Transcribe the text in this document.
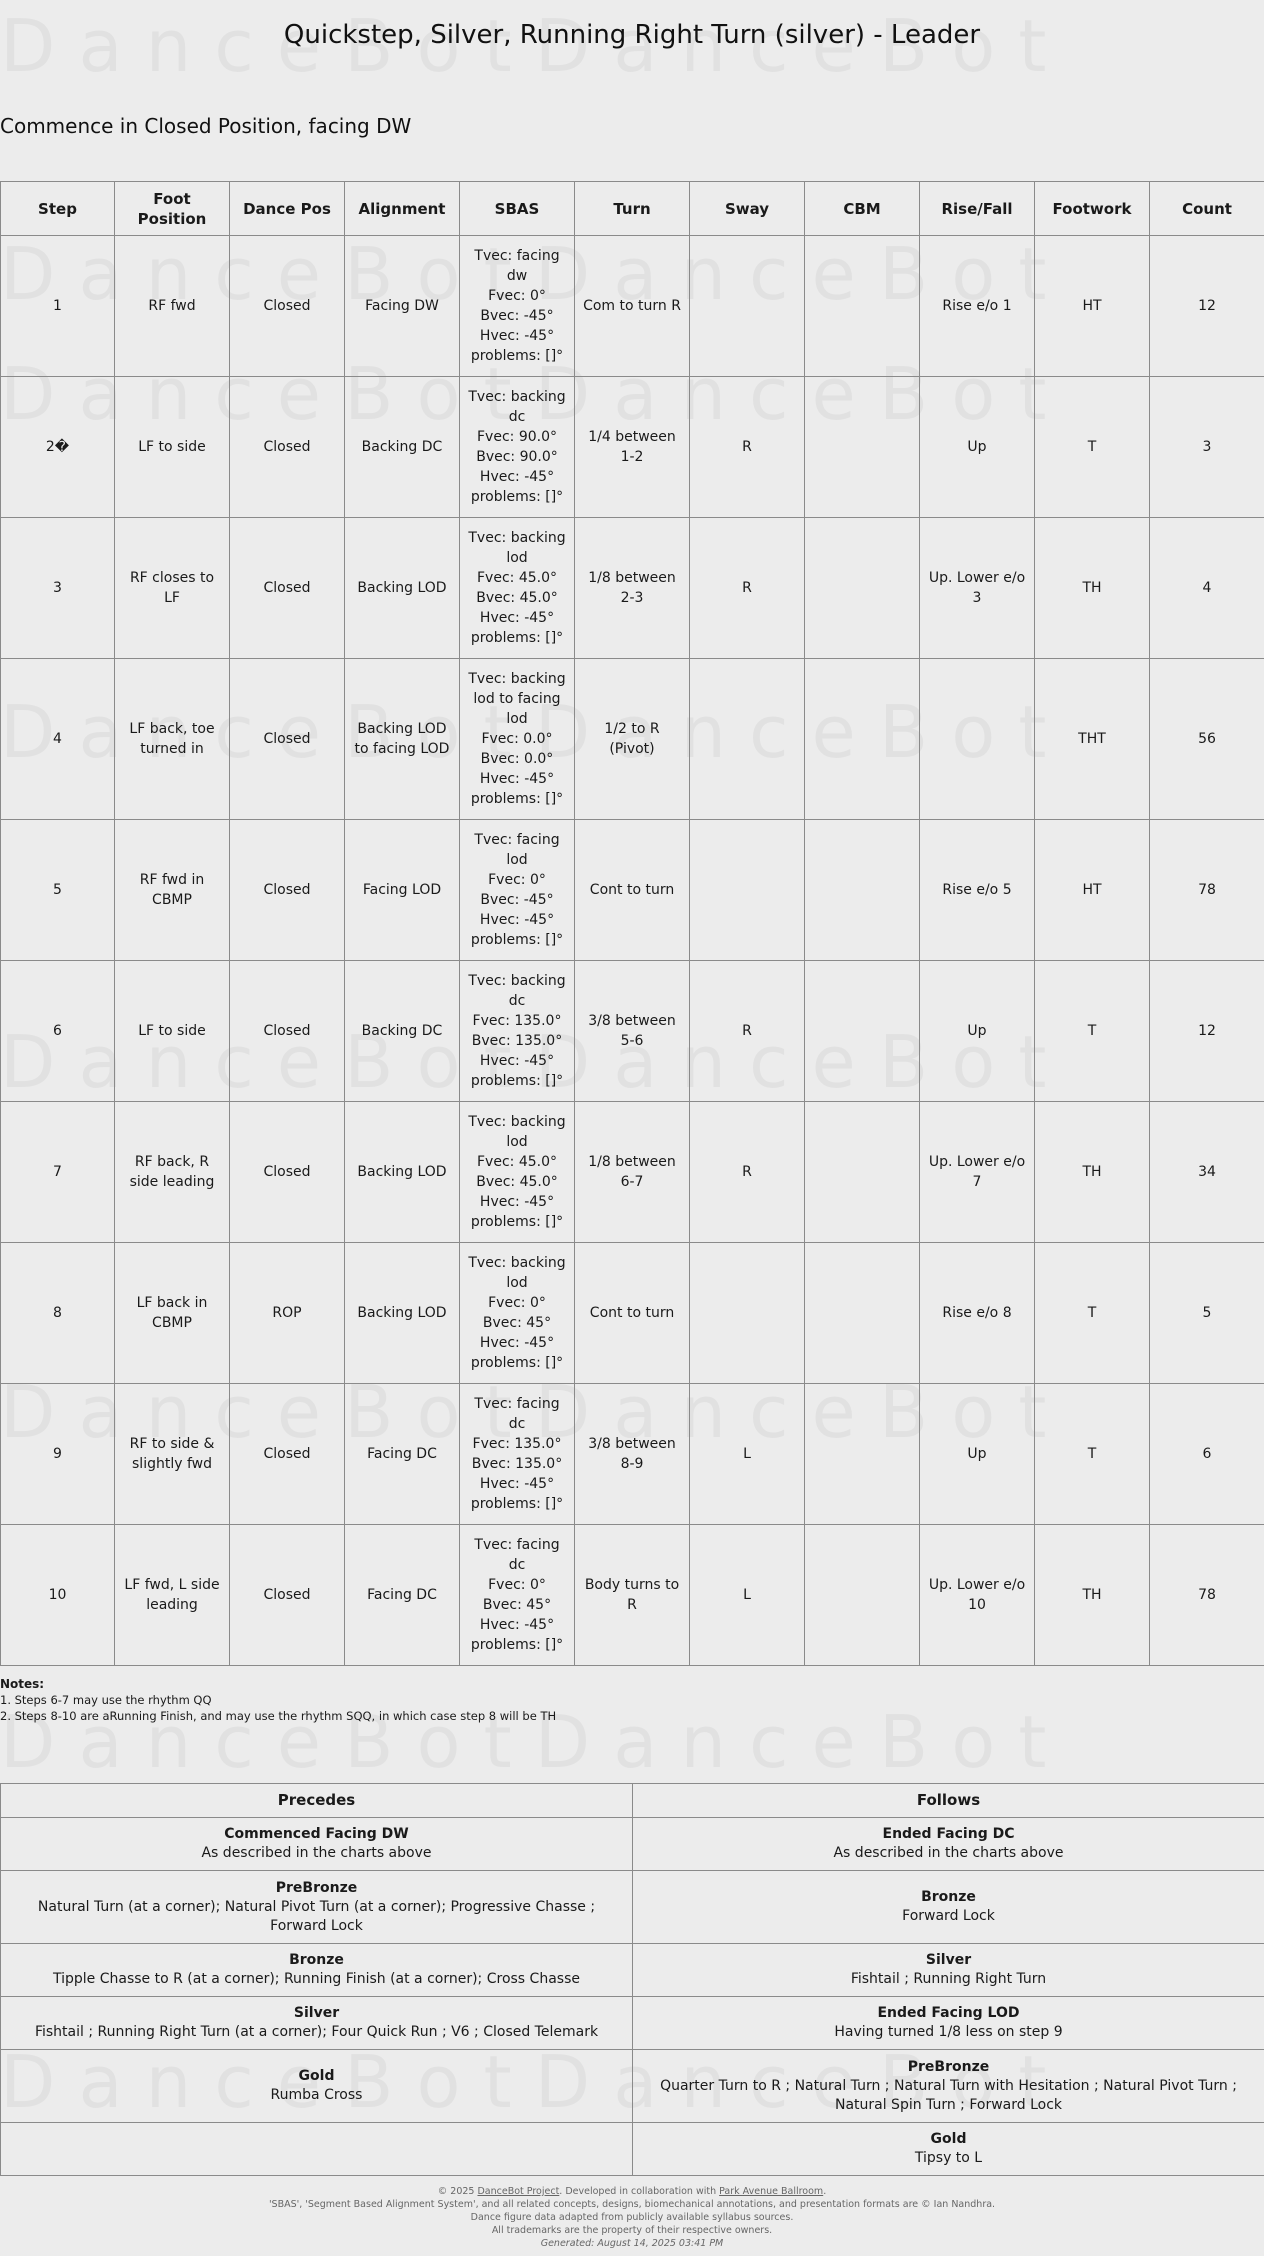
Quickstep, Silver, Running Right Turn (silver) - Leader
Commence in Closed Position, facing DW
Step	Foot Position	Dance Pos	Alignment	SBAS	Turn	Sway	CBM	Rise/Fall	Footwork	Count
1	RF fwd	Closed	Facing DW	Tvec: facing dw
Fvec: 0°
Bvec: -45°
Hvec: -45°
problems: []°	Com to turn R			Rise e/o 1	HT	12
2�	LF to side	Closed	Backing DC	Tvec: backing dc
Fvec: 90.0°
Bvec: 90.0°
Hvec: -45°
problems: []°	1/4 between 1-2	R		Up	T	3
3	RF closes to LF	Closed	Backing LOD	Tvec: backing lod
Fvec: 45.0°
Bvec: 45.0°
Hvec: -45°
problems: []°	1/8 between 2-3	R		Up. Lower e/o 3	TH	4
4	LF back, toe turned in	Closed	Backing LOD to facing LOD	Tvec: backing lod to facing lod
Fvec: 0.0°
Bvec: 0.0°
Hvec: -45°
problems: []°	1/2 to R (Pivot)				THT	56
5	RF fwd in CBMP	Closed	Facing LOD	Tvec: facing lod
Fvec: 0°
Bvec: -45°
Hvec: -45°
problems: []°	Cont to turn			Rise e/o 5	HT	78
6	LF to side	Closed	Backing DC	Tvec: backing dc
Fvec: 135.0°
Bvec: 135.0°
Hvec: -45°
problems: []°	3/8 between 5-6	R		Up	T	12
7	RF back, R side leading	Closed	Backing LOD	Tvec: backing lod
Fvec: 45.0°
Bvec: 45.0°
Hvec: -45°
problems: []°	1/8 between 6-7	R		Up. Lower e/o 7	TH	34
8	LF back in CBMP	ROP	Backing LOD	Tvec: backing lod
Fvec: 0°
Bvec: 45°
Hvec: -45°
problems: []°	Cont to turn			Rise e/o 8	T	5
9	RF to side & slightly fwd	Closed	Facing DC	Tvec: facing dc
Fvec: 135.0°
Bvec: 135.0°
Hvec: -45°
problems: []°	3/8 between 8-9	L		Up	T	6
10	LF fwd, L side leading	Closed	Facing DC	Tvec: facing dc
Fvec: 0°
Bvec: 45°
Hvec: -45°
problems: []°	Body turns to R	L		Up. Lower e/o 10	TH	78
Notes:
1. Steps 6-7 may use the rhythm QQ
2. Steps 8-10 are aRunning Finish, and may use the rhythm SQQ, in which case step 8 will be TH
Precedes	Follows

Commenced Facing DW
As described in the charts above	Ended Facing DC
As described in the charts above

PreBronze
Natural Turn (at a corner); Natural Pivot Turn (at a corner); Progressive Chasse ; Forward Lock	Bronze
Forward Lock

Bronze
Tipple Chasse to R (at a corner); Running Finish (at a corner); Cross Chasse	Silver
Fishtail ; Running Right Turn

Silver
Fishtail ; Running Right Turn (at a corner); Four Quick Run ; V6 ; Closed Telemark	Ended Facing LOD
Having turned 1/8 less on step 9

Gold
Rumba Cross	PreBronze
Quarter Turn to R ; Natural Turn ; Natural Turn with Hesitation ; Natural Pivot Turn ; Natural Spin Turn ; Forward Lock

	Gold
Tipsy to L
© 2025 DanceBot Project. Developed in collaboration with Park Avenue Ballroom.
'SBAS', 'Segment Based Alignment System', and all related concepts, designs, biomechanical annotations, and presentation formats are © Ian Nandhra.
Dance figure data adapted from publicly available syllabus sources.
All trademarks are the property of their respective owners.
Generated: August 14, 2025 03:41 PM
